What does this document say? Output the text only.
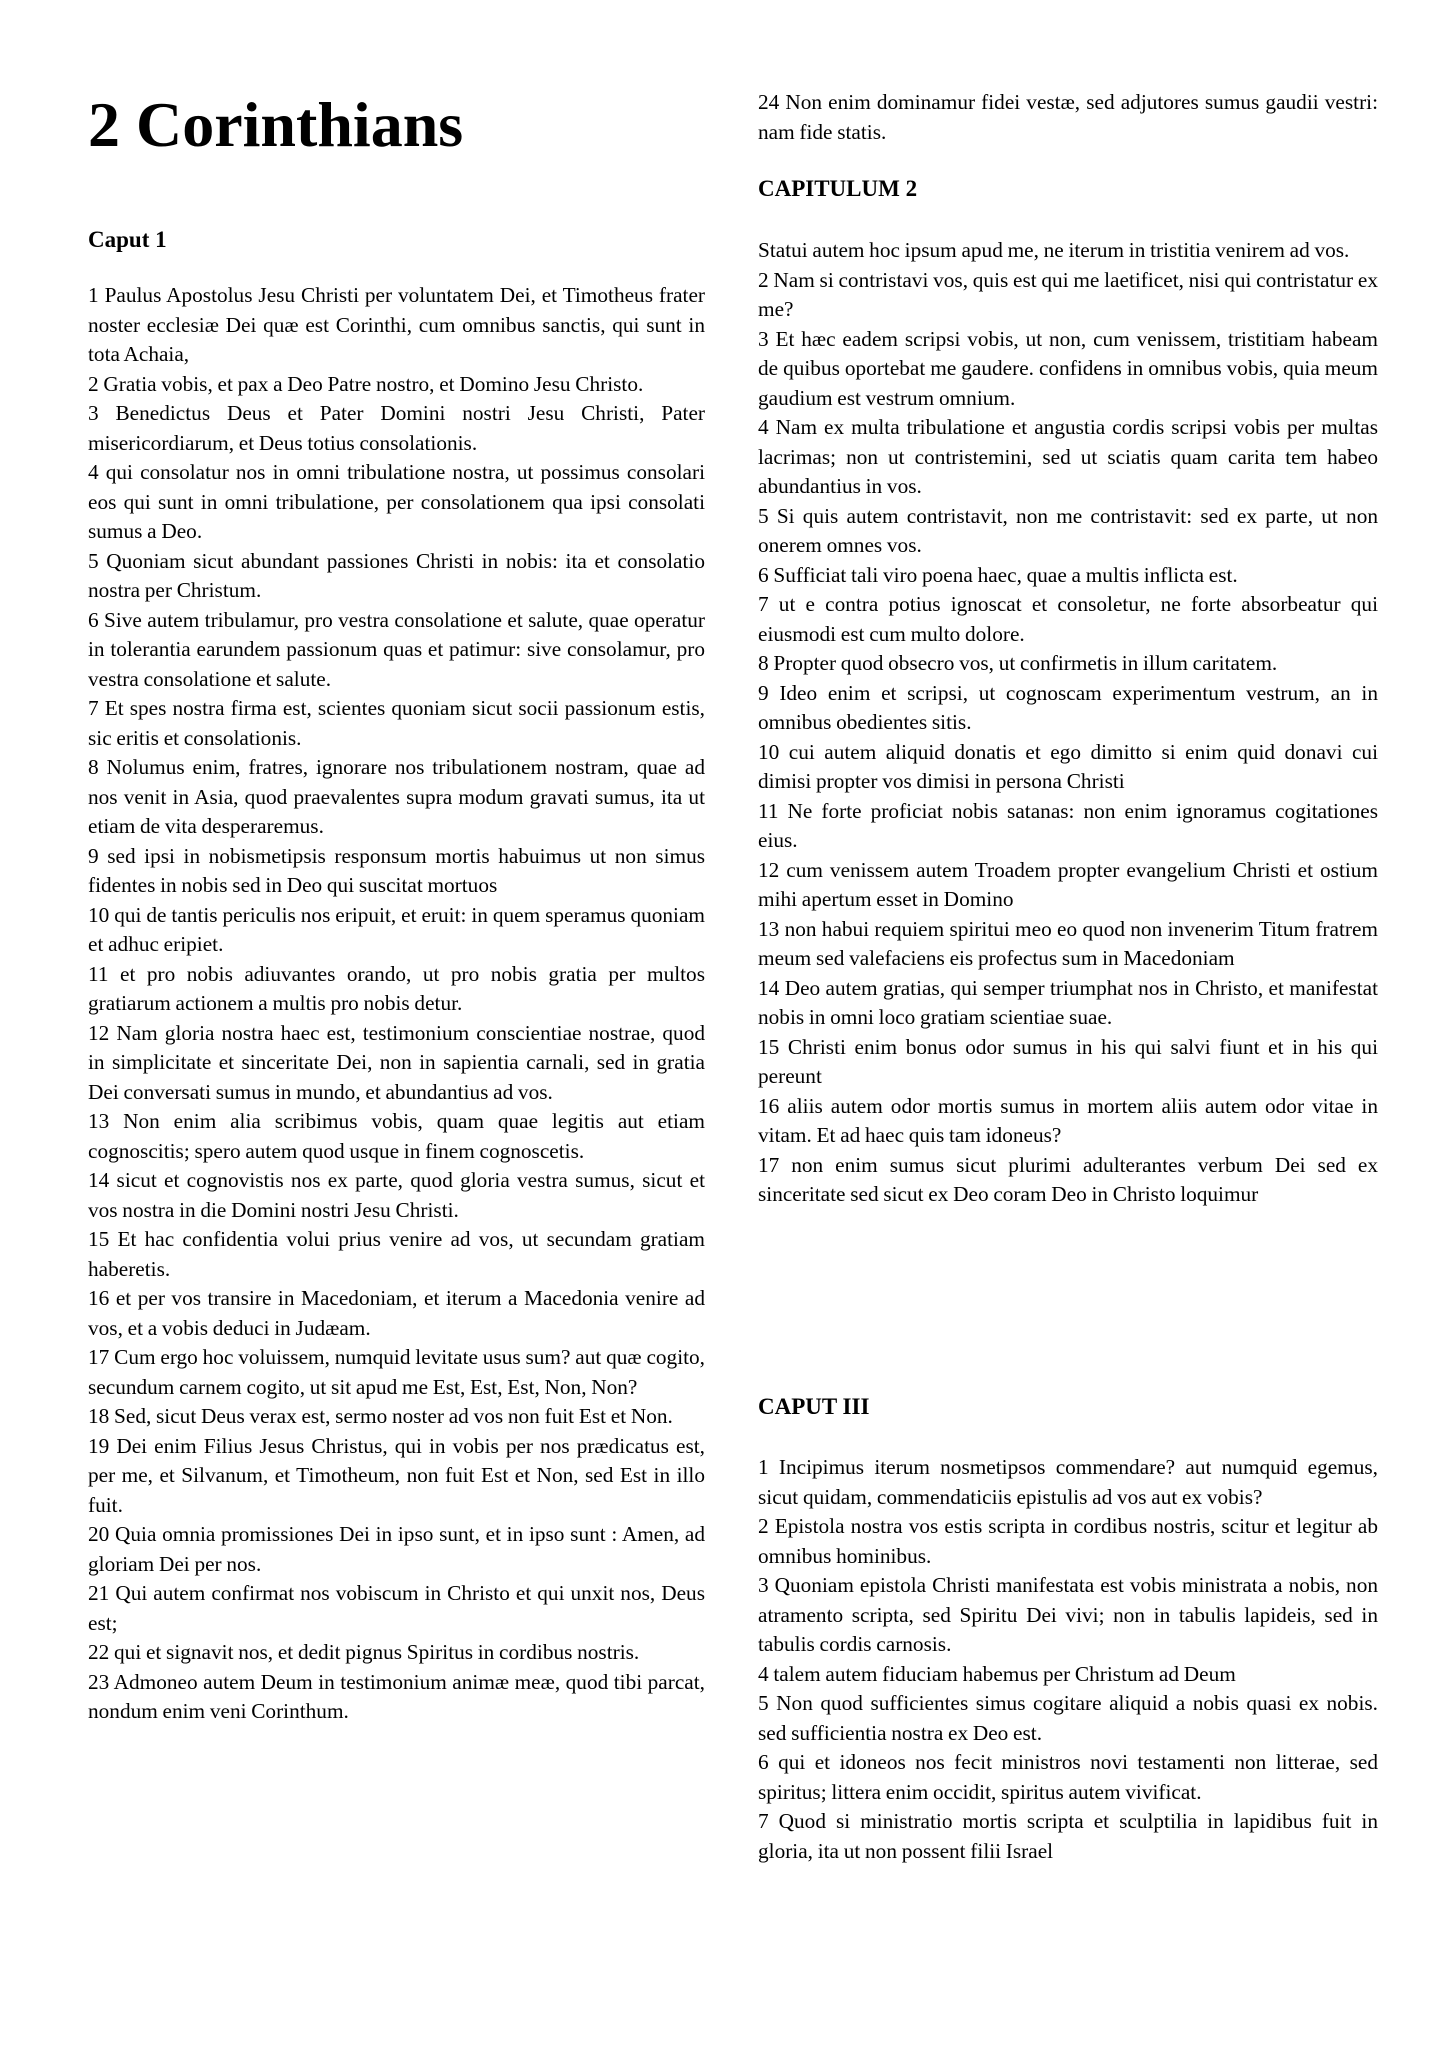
2 Corinthians
Caput 1

1 Paulus Apostolus Jesu Christi per voluntatem Dei, et Timotheus frater noster ecclesiæ Dei quæ est Corinthi, cum omnibus sanctis, qui sunt in tota Achaia,

2 Gratia vobis, et pax a Deo Patre nostro, et Domino Jesu Christo.

3 Benedictus Deus et Pater Domini nostri Jesu Christi, Pater misericordiarum, et Deus totius consolationis.

4 qui consolatur nos in omni tribulatione nostra, ut possimus consolari eos qui sunt in omni tribulatione, per consolationem qua ipsi consolati sumus a Deo.

5 Quoniam sicut abundant passiones Christi in nobis: ita et consolatio nostra per Christum.

6 Sive autem tribulamur, pro vestra consolatione et salute, quae operatur in tolerantia earundem passionum quas et patimur: sive consolamur, pro vestra consolatione et salute.

7 Et spes nostra firma est, scientes quoniam sicut socii passionum estis, sic eritis et consolationis.

8 Nolumus enim, fratres, ignorare nos tribulationem nostram, quae ad nos venit in Asia, quod praevalentes supra modum gravati sumus, ita ut etiam de vita desperaremus.

9 sed ipsi in nobismetipsis responsum mortis habuimus ut non simus fidentes in nobis sed in Deo qui suscitat mortuos

10 qui de tantis periculis nos eripuit, et eruit: in quem speramus quoniam et adhuc eripiet.

11 et pro nobis adiuvantes orando, ut pro nobis gratia per multos gratiarum actionem a multis pro nobis detur.

12 Nam gloria nostra haec est, testimonium conscientiae nostrae, quod in simplicitate et sinceritate Dei, non in sapientia carnali, sed in gratia Dei conversati sumus in mundo, et abundantius ad vos.

13 Non enim alia scribimus vobis, quam quae legitis aut etiam cognoscitis; spero autem quod usque in finem cognoscetis.

14 sicut et cognovistis nos ex parte, quod gloria vestra sumus, sicut et vos nostra in die Domini nostri Jesu Christi.

15 Et hac confidentia volui prius venire ad vos, ut secundam gratiam haberetis.

16 et per vos transire in Macedoniam, et iterum a Macedonia venire ad vos, et a vobis deduci in Judæam.

17 Cum ergo hoc voluissem, numquid levitate usus sum? aut quæ cogito, secundum carnem cogito, ut sit apud me Est, Est, Est, Non, Non?

18 Sed, sicut Deus verax est, sermo noster ad vos non fuit Est et Non.

19 Dei enim Filius Jesus Christus, qui in vobis per nos prædicatus est, per me, et Silvanum, et Timotheum, non fuit Est et Non, sed Est in illo fuit.

20 Quia omnia promissiones Dei in ipso sunt, et in ipso sunt : Amen, ad gloriam Dei per nos.

21 Qui autem confirmat nos vobiscum in Christo et qui unxit nos, Deus est;

22 qui et signavit nos, et dedit pignus Spiritus in cordibus nostris.

23 Admoneo autem Deum in testimonium animæ meæ, quod tibi parcat, nondum enim veni Corinthum.

24 Non enim dominamur fidei vestæ, sed adjutores sumus gaudii vestri: nam fide statis.

CAPITULUM 2

Statui autem hoc ipsum apud me, ne iterum in tristitia venirem ad vos.

2 Nam si contristavi vos, quis est qui me laetificet, nisi qui contristatur ex me?

3 Et hæc eadem scripsi vobis, ut non, cum venissem, tristitiam habeam de quibus oportebat me gaudere. confidens in omnibus vobis, quia meum gaudium est vestrum omnium.

4 Nam ex multa tribulatione et angustia cordis scripsi vobis per multas lacrimas; non ut contristemini, sed ut sciatis quam carita tem habeo abundantius in vos.

5 Si quis autem contristavit, non me contristavit: sed ex parte, ut non onerem omnes vos.

6 Sufficiat tali viro poena haec, quae a multis inflicta est.

7 ut e contra potius ignoscat et consoletur, ne forte absorbeatur qui eiusmodi est cum multo dolore.

8 Propter quod obsecro vos, ut confirmetis in illum caritatem.

9 Ideo enim et scripsi, ut cognoscam experimentum vestrum, an in omnibus obedientes sitis.

10 cui autem aliquid donatis et ego dimitto si enim quid donavi cui dimisi propter vos dimisi in persona Christi

11 Ne forte proficiat nobis satanas: non enim ignoramus cogitationes eius.

12 cum venissem autem Troadem propter evangelium Christi et ostium mihi apertum esset in Domino

13 non habui requiem spiritui meo eo quod non invenerim Titum fratrem meum sed valefaciens eis profectus sum in Macedoniam

14 Deo autem gratias, qui semper triumphat nos in Christo, et manifestat nobis in omni loco gratiam scientiae suae.

15 Christi enim bonus odor sumus in his qui salvi fiunt et in his qui pereunt

16 aliis autem odor mortis sumus in mortem aliis autem odor vitae in vitam. Et ad haec quis tam idoneus?

17 non enim sumus sicut plurimi adulterantes verbum Dei sed ex sinceritate sed sicut ex Deo coram Deo in Christo loquimur

CAPUT III

1 Incipimus iterum nosmetipsos commendare? aut numquid egemus, sicut quidam, commendaticiis epistulis ad vos aut ex vobis?

2 Epistola nostra vos estis scripta in cordibus nostris, scitur et legitur ab omnibus hominibus.

3 Quoniam epistola Christi manifestata est vobis ministrata a nobis, non atramento scripta, sed Spiritu Dei vivi; non in tabulis lapideis, sed in tabulis cordis carnosis.

4 talem autem fiduciam habemus per Christum ad Deum

5 Non quod sufficientes simus cogitare aliquid a nobis quasi ex nobis. sed sufficientia nostra ex Deo est.

6 qui et idoneos nos fecit ministros novi testamenti non litterae, sed spiritus; littera enim occidit, spiritus autem vivificat.

7 Quod si ministratio mortis scripta et sculptilia in lapidibus fuit in gloria, ita ut non possent filii Israel
